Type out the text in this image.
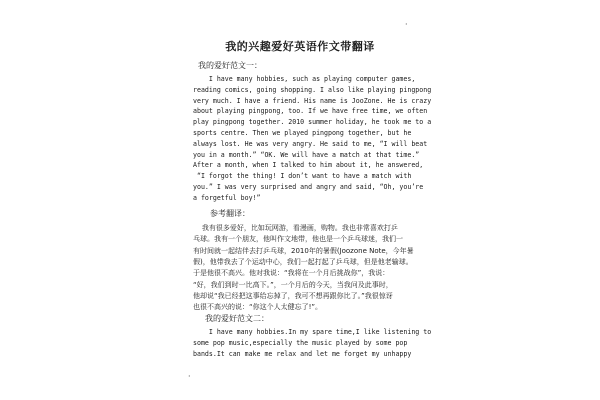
·
我的兴趣爱好英语作文带翻译
我的爱好范文一：
I have many hobbies, such as playing computer games,
reading comics, going shopping. I also like playing pingpong
very much. I have a friend. His name is JooZone. He is crazy
about playing pingpong, too. If we have free time, we often
play pingpong together. 2010 summer holiday, he took me to a
sports centre. Then we played pingpong together, but he
always lost. He was very angry. He said to me, “I will beat
you in a month.” “OK. We will have a match at that time.”
After a month, when I talked to him about it, he answered,
“I forgot the thing! I don’t want to have a match with
you.” I was very surprised and angry and said, “Oh, you’re
a forgetful boy!”
参考翻译：
我有很多爱好，比如玩网游，看漫画，购物。我也非常喜欢打乒
乓球。我有一个朋友，他叫作文地带，他也是一个乒乓球迷，我们一
有时间就一起结伴去打乒乓球，2010年的暑假(Joozone Note，今年暑
假)，他带我去了个运动中心，我们一起打起了乒乓球，但是他老输球。
于是他很不高兴。他对我说：“我将在一个月后挑战你”，我说：
“好，我们到时一比高下。”，一个月后的今天，当我问及此事时，
他却说“我已经把这事给忘掉了，我可不想再跟你比了。”我很惊讶
也很不高兴的说：“你这个人太健忘了!”。
我的爱好范文二：
I have many hobbies.In my spare time,I like listening to
some pop music,especially the music played by some pop
bands.It can make me relax and let me forget my unhappy
·
